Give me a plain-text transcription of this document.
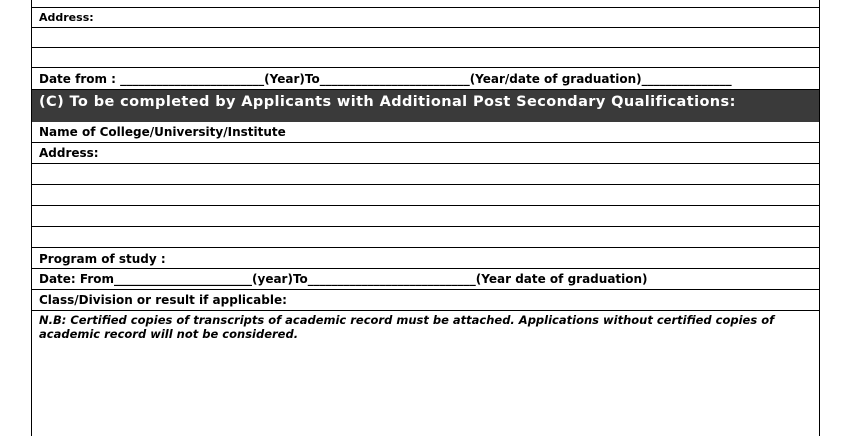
Address:
Date from : ________________________(Year)To_________________________(Year/date of graduation)_______________
(C) To be completed by Applicants with Additional Post Secondary Qualifications:
Name of College/University/Institute
Address:
Program of study :
Date: From_______________________(year)To____________________________(Year date of graduation)
Class/Division or result if applicable:
N.B: Certified copies of transcripts of academic record must be attached. Applications without certified copies of academic record will not be considered.
